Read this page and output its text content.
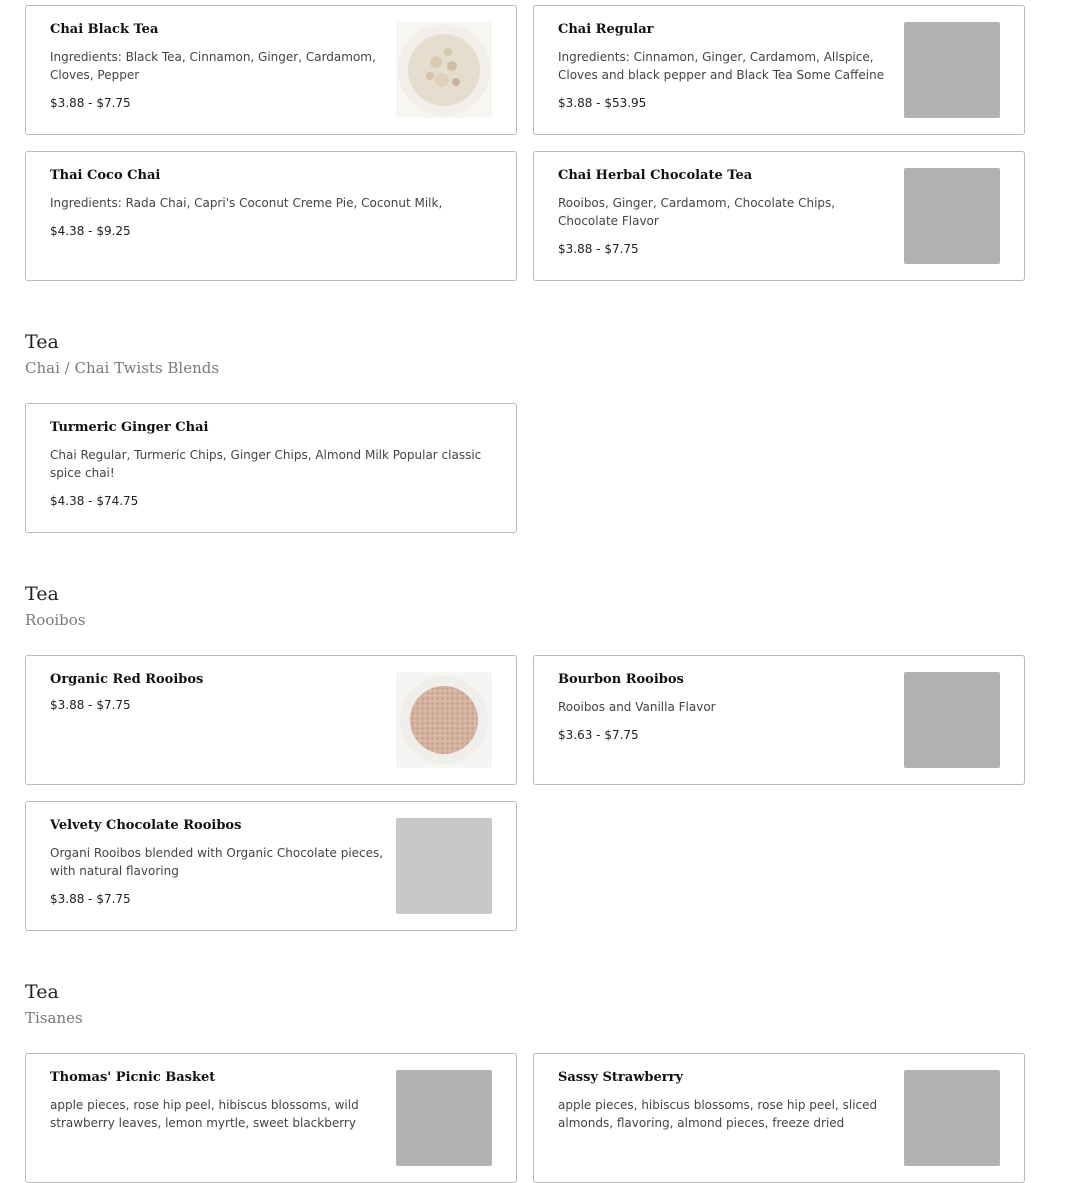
Chai Black Tea
Ingredients: Black Tea, Cinnamon, Ginger, Cardamom, Cloves, Pepper
$3.88 - $7.75
Chai Regular
Ingredients: Cinnamon, Ginger, Cardamom, Allspice, Cloves and black pepper and Black Tea Some Caffeine
$3.88 - $53.95
Thai Coco Chai
Ingredients: Rada Chai, Capri's Coconut Creme Pie, Coconut Milk,
$4.38 - $9.25
Chai Herbal Chocolate Tea
Rooibos, Ginger, Cardamom, Chocolate Chips, Chocolate Flavor
$3.88 - $7.75
Tea
Chai / Chai Twists Blends
Turmeric Ginger Chai
Chai Regular, Turmeric Chips, Ginger Chips, Almond Milk Popular classic spice chai!
$4.38 - $74.75
Tea
Rooibos
Organic Red Rooibos
$3.88 - $7.75
Bourbon Rooibos
Rooibos and Vanilla Flavor
$3.63 - $7.75
Velvety Chocolate Rooibos
Organi Rooibos blended with Organic Chocolate pieces, with natural flavoring
$3.88 - $7.75
Tea
Tisanes
Thomas' Picnic Basket
apple pieces, rose hip peel, hibiscus blossoms, wild strawberry leaves, lemon myrtle, sweet blackberry
Sassy Strawberry
apple pieces, hibiscus blossoms, rose hip peel, sliced almonds, flavoring, almond pieces, freeze dried
